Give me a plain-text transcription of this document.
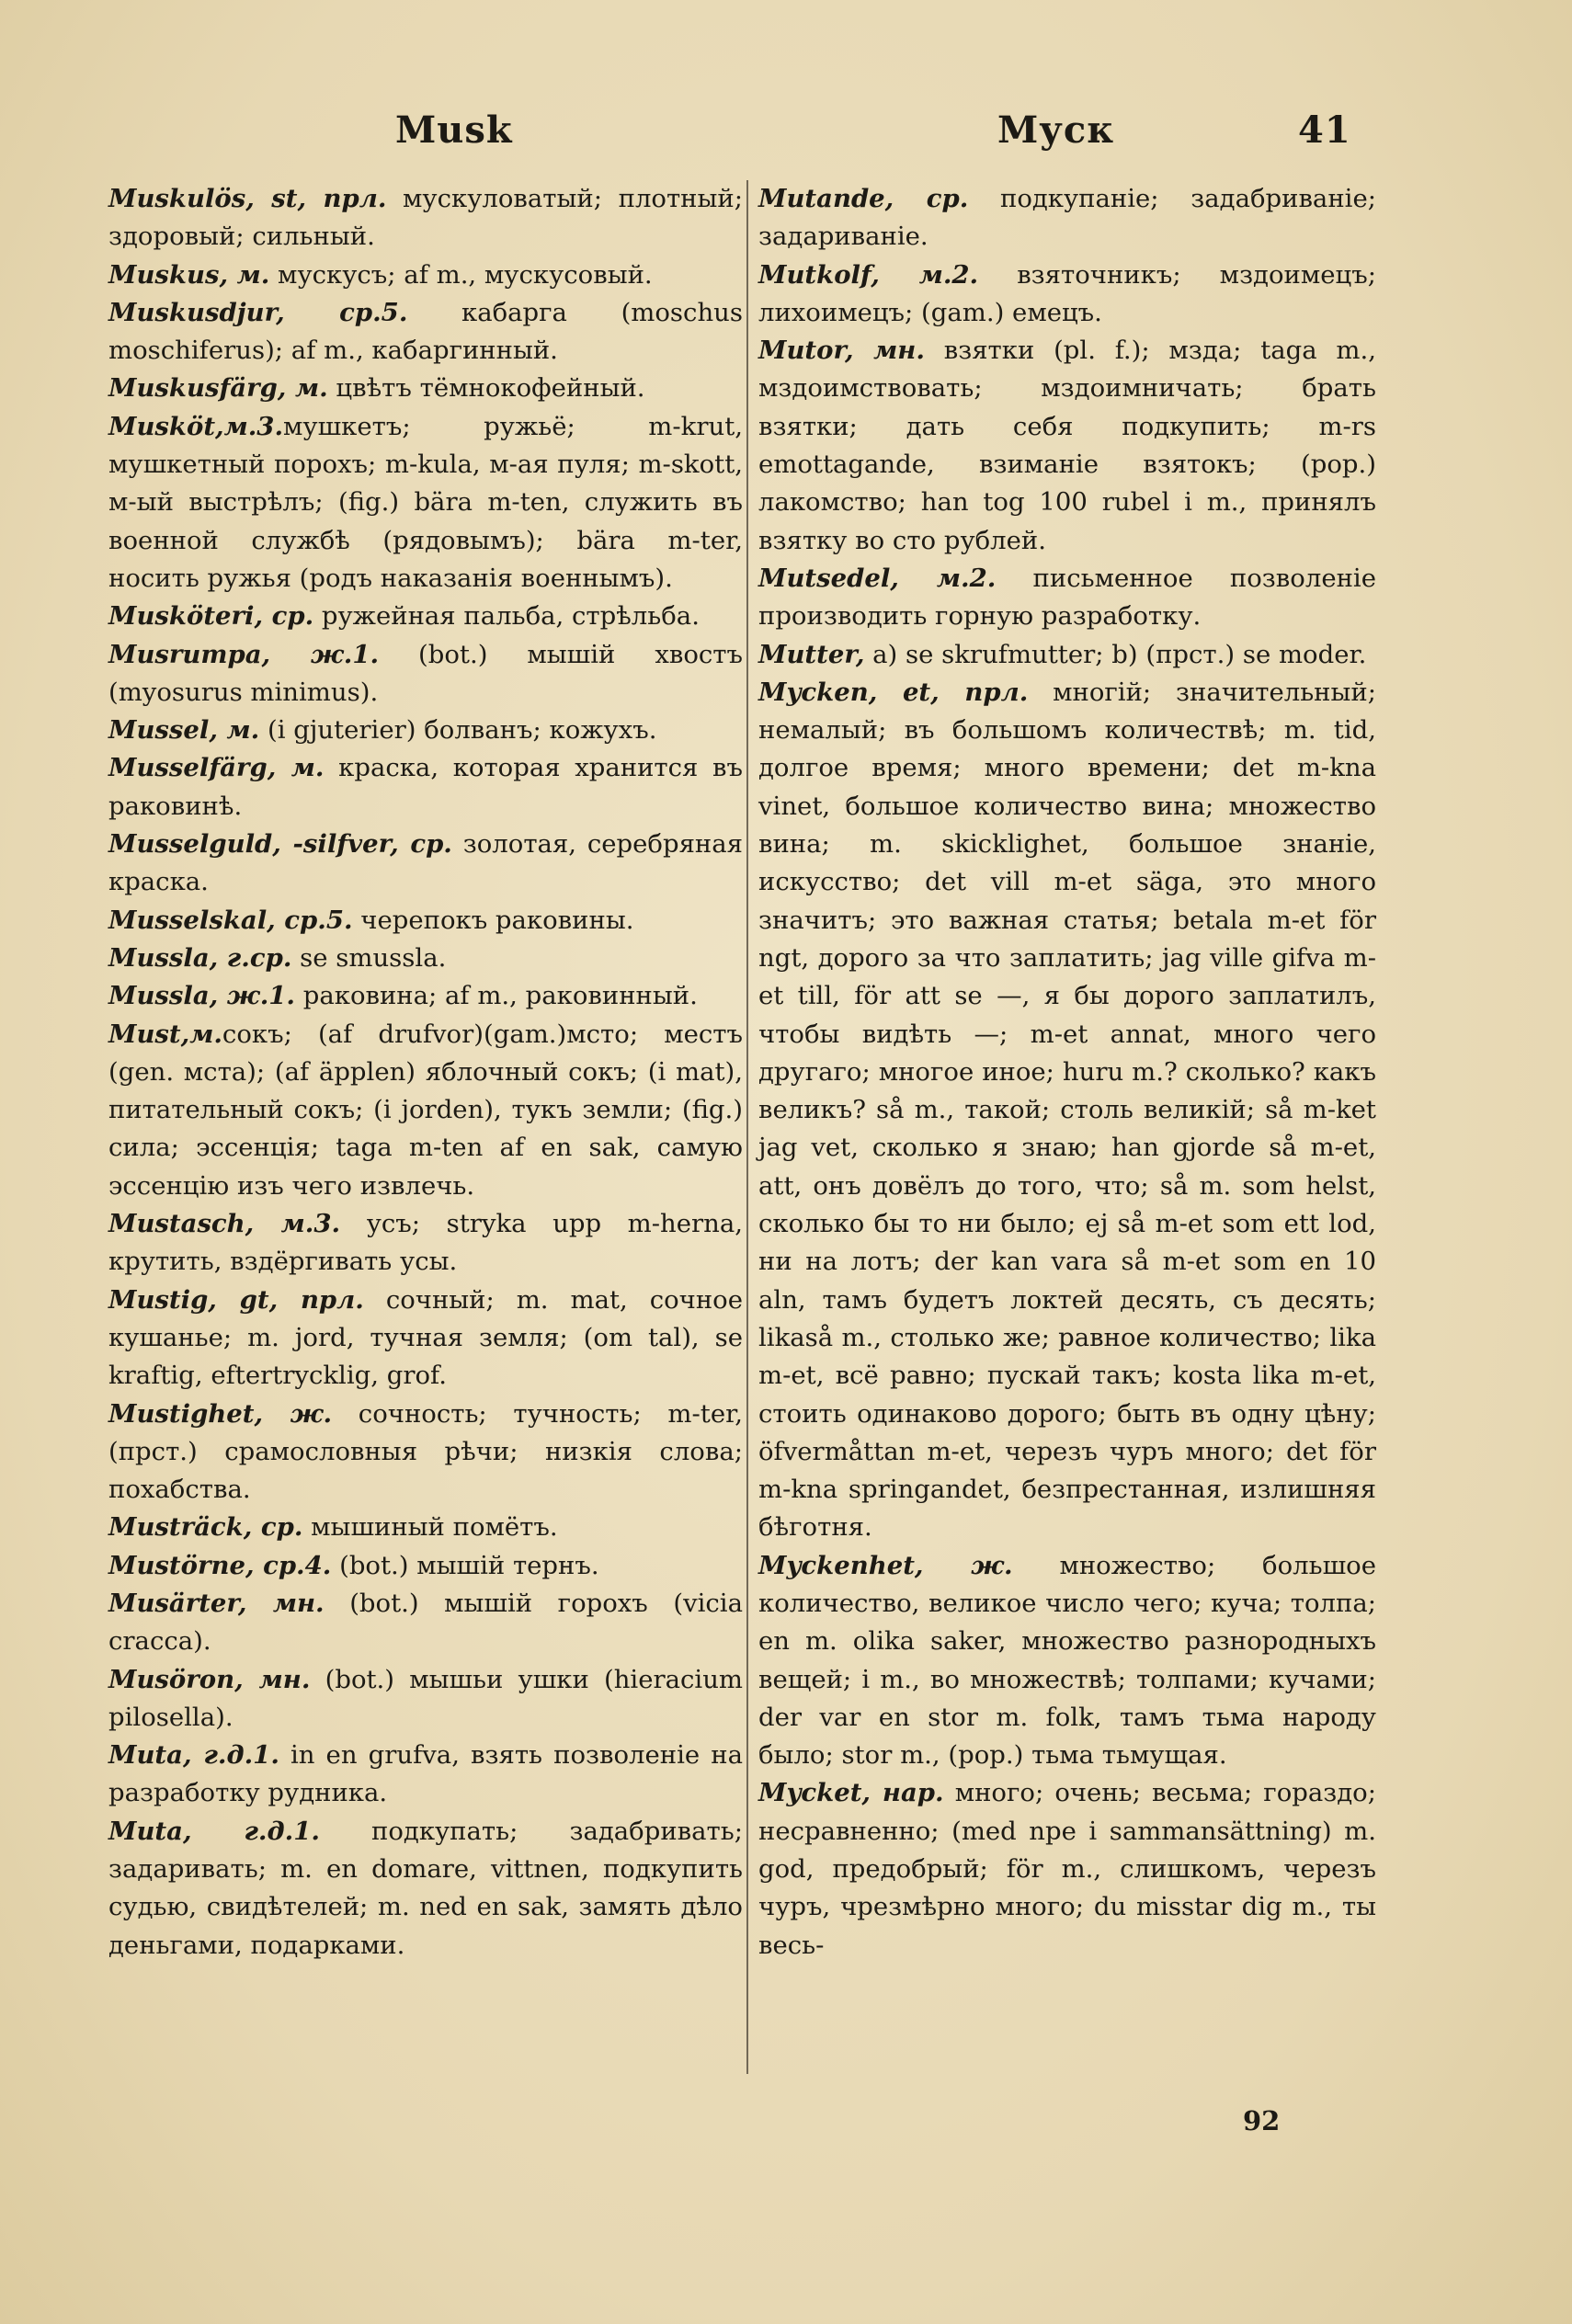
Musk	Муск	41

Muskulös, st, прл. мускуловатый; плотный; здоровый; сильный.

Muskus, м. мускусъ; af m., мускусовый.

Muskusdjur, ср.5. кабарга (moschus moschiferus); af m., кабаргинный.

Muskusfärg, м. цвѣтъ тёмнокофейный.

Musköt,м.3.мушкетъ; ружьё; m-krut, мушкетный порохъ; m-kula, м-ая пуля; m-skott, м-ый выстрѣлъ; (fig.) bära m-ten, служить въ военной службѣ (рядовымъ); bära m-ter, носить ружья (родъ наказанія военнымъ).

Musköteri, ср. ружейная пальба, стрѣльба.

Musrumpa, ж.1. (bot.) мышій хвостъ (myosurus minimus).

Mussel, м. (i gjuterier) болванъ; кожухъ.

Musselfärg, м. краска, которая хранится въ раковинѣ.

Musselguld, -silfver, ср. золотая, серебряная краска.

Musselskal, ср.5. черепокъ раковины.

Mussla, г.ср. se smussla.

Mussla, ж.1. раковина; af m., раковинный.

Must,м.сокъ; (af drufvor)(gam.)мсто; местъ (gen. мста); (af äpplen) яблочный сокъ; (i mat), питательный сокъ; (i jorden), тукъ земли; (fig.) сила; эссенція; taga m-ten af en sak, самую эссенцію изъ чего извлечь.

Mustasch, м.3. усъ; stryka upp m-herna, крутить, вздёргивать усы.

Mustig, gt, прл. сочный; m. mat, сочное кушанье; m. jord, тучная земля; (om tal), se kraftig, eftertrycklig, grof.

Mustighet, ж. сочность; тучность; m-ter, (прст.) срамословныя рѣчи; низкія слова; похабства.

Musträck, ср. мышиный помётъ.

Mustörne, ср.4. (bot.) мышій тернъ.

Musärter, мн. (bot.) мышій горохъ (vicia cracca).

Musöron, мн. (bot.) мышьи ушки (hieracium pilosella).

Muta, г.д.1. in en grufva, взять позволеніе на разработку рудника.

Muta, г.д.1. подкупать; задабривать; задаривать; m. en domare, vittnen, подкупить судью, свидѣтелей; m. ned en sak, замять дѣло деньгами, подарками.

Mutande, ср. подкупаніе; задабриваніе; задариваніе.

Mutkolf, м.2. взяточникъ; мздоимецъ; лихоимецъ; (gam.) емецъ.

Mutor, мн. взятки (pl. f.); мзда; taga m., мздоимствовать; мздоимничать; брать взятки; дать себя подкупить; m-rs emottagande, взиманіе взятокъ; (pop.) лакомство; han tog 100 rubel i m., принялъ взятку во сто рублей.

Mutsedel, м.2. письменное позволеніе производить горную разработку.

Mutter, a) se skrufmutter; b) (прст.) se moder.

Mycken, et, прл. многій; значительный; немалый; въ большомъ количествѣ; m. tid, долгое время; много времени; det m-kna vinet, большое количество вина; множество вина; m. skicklighet, большое знаніе, искусство; det vill m-et säga, это много значитъ; это важная статья; betala m-et för ngt, дорого за что заплатить; jag ville gifva m-et till, för att se —, я бы дорого заплатилъ, чтобы видѣть —; m-et annat, много чего другаго; многое иное; huru m.? сколько? какъ великъ? så m., такой; столь великій; så m-ket jag vet, сколько я знаю; han gjorde så m-et, att, онъ довёлъ до того, что; så m. som helst, сколько бы то ни было; ej så m-et som ett lod, ни на лотъ; der kan vara så m-et som en 10 aln, тамъ будетъ локтей десять, съ десять; likaså m., столько же; равное количество; lika m-et, всё равно; пускай такъ; kosta lika m-et, стоить одинаково дорого; быть въ одну цѣну; öfvermåttan m-et, черезъ чуръ много; det för m-kna springandet, безпрестанная, излишняя бѣготня.

Myckenhet, ж. множество; большое количество, великое число чего; куча; толпа; en m. olika saker, множество разнородныхъ вещей; i m., во множествѣ; толпами; кучами; der var en stor m. folk, тамъ тьма народу было; stor m., (pop.) тьма тьмущая.

Mycket, нар. много; очень; весьма; гораздо; несравненно; (med npe i sammansättning) m. god, предобрый; för m., слишкомъ, черезъ чуръ, чрезмѣрно много; du misstar dig m., ты весь-

92
